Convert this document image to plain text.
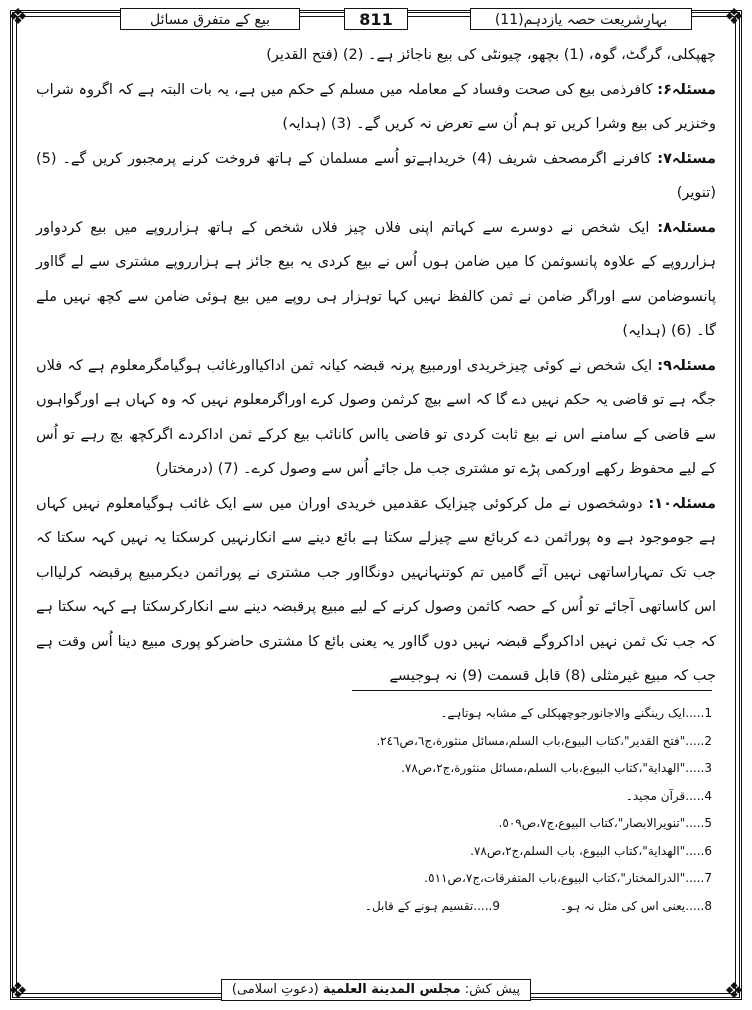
❖	❖
❖	❖
بہارِشریعت حصہ یازدہم(11)
811
بیع کے متفرق مسائل

چھپکلی، گرگٹ، گوہ، (1) بچھو، چیونٹی کی بیع ناجائز ہے۔ (2) (فتح القدیر)

مسئلہ۶: کافرذمی بیع کی صحت وفساد کے معاملہ میں مسلم کے حکم میں ہے، یہ بات البتہ ہے کہ اگروہ شراب وخنزیر کی بیع وشرا کریں تو ہم اُن سے تعرض نہ کریں گے۔ (3) (ہدایہ)

مسئلہ۷: کافرنے اگرمصحف شریف (4) خریداہےتو اُسے مسلمان کے ہاتھ فروخت کرنے پرمجبور کریں گے۔ (5) (تنویر)

مسئلہ۸: ایک شخص نے دوسرے سے کہاتم اپنی فلاں چیز فلاں شخص کے ہاتھ ہزارروپے میں بیع کردواور ہزارروپے کے علاوہ پانسوثمن کا میں ضامن ہوں اُس نے بیع کردی یہ بیع جائز ہے ہزارروپے مشتری سے لے گااور پانسوضامن سے اوراگر ضامن نے ثمن کالفظ نہیں کہا توہزار ہی روپے میں بیع ہوئی ضامن سے کچھ نہیں ملے گا۔ (6) (ہدایہ)

مسئلہ۹: ایک شخص نے کوئی چیزخریدی اورمبیع پرنہ قبضہ کیانہ ثمن اداکیااورغائب ہوگیامگرمعلوم ہے کہ فلاں جگہ ہے تو قاضی یہ حکم نہیں دے گا کہ اسے بیچ کرثمن وصول کرے اوراگرمعلوم نہیں کہ وہ کہاں ہے اورگواہوں سے قاضی کے سامنے اس نے بیع ثابت کردی تو قاضی یااس کانائب بیع کرکے ثمن اداکردے اگرکچھ بچ رہے تو اُس کے لیے محفوظ رکھے اورکمی پڑے تو مشتری جب مل جائے اُس سے وصول کرے۔ (7) (درمختار)

مسئلہ۱۰: دوشخصوں نے مل کرکوئی چیزایک عقدمیں خریدی اوران میں سے ایک غائب ہوگیامعلوم نہیں کہاں ہے جوموجود ہے وہ پوراثمن دے کربائع سے چیزلے سکتا ہے بائع دینے سے انکارنہیں کرسکتا یہ نہیں کہہ سکتا کہ جب تک تمہاراساتھی نہیں آئے گامیں تم کوتنہانہیں دونگااور جب مشتری نے پوراثمن دیکرمبیع پرقبضہ کرلیااب اس کاساتھی آجائے تو اُس کے حصہ کاثمن وصول کرنے کے لیے مبیع پرقبضہ دینے سے انکارکرسکتا ہے کہہ سکتا ہے کہ جب تک ثمن نہیں اداکروگے قبضہ نہیں دوں گااور یہ یعنی بائع کا مشتری حاضرکو پوری مبیع دینا اُس وقت ہے جب کہ مبیع غیرمثلی (8) قابل قسمت (9) نہ ہوجیسے

1.....ایک رینگنے والاجانورجوچھپکلی کے مشابہ ہوتاہے۔
2....."فتح القدير"،كتاب البيوع،باب السلم،مسائل منثورة،ج٦،ص٢٤٦.
3....."الهداية"،كتاب البيوع،باب السلم،مسائل منثورة،ج٢،ص٧٨.
4.....قرآن مجید۔
5....."تنويرالابصار"،كتاب البيوع،ج٧،ص٥٠٩.
6....."الهداية"،كتاب البيوع، باب السلم،ج٢،ص٧٨.
7....."الدرالمختار"،كتاب البيوع،باب المتفرقات،ج٧،ص٥١١.
8.....یعنی اس کی مثل نہ ہو۔
9.....تقسیم ہونے کے قابل۔
پیش کش: مجلس المدينة العلمية (دعوتِ اسلامی)
